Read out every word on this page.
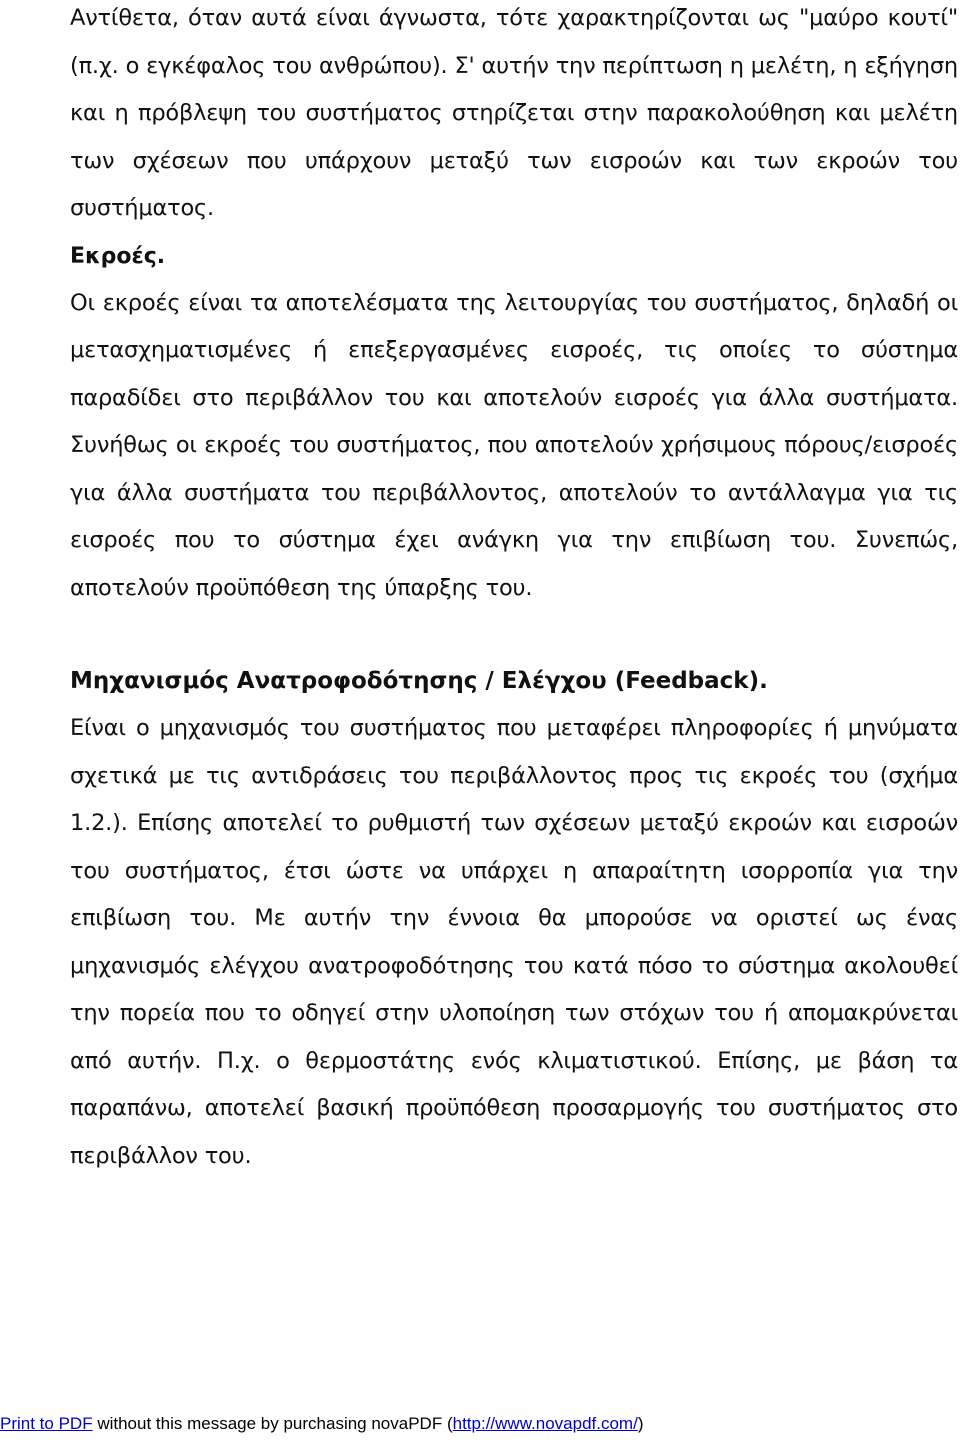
Αντίθετα, όταν αυτά είναι άγνωστα, τότε χαρακτηρίζονται ως "μαύρο κουτί" (π.χ. ο εγκέφαλος του ανθρώπου). Σ' αυτήν την περίπτωση η μελέτη, η εξήγηση και η πρόβλεψη του συστήματος στηρίζεται στην παρακολούθηση και μελέτη των σχέσεων που υπάρχουν μεταξύ των εισροών και των εκροών του συστήματος.

Εκροές.

Οι εκροές είναι τα αποτελέσματα της λειτουργίας του συστήματος, δηλαδή οι μετασχηματισμένες ή επεξεργασμένες εισροές, τις οποίες το σύστημα παραδίδει στο περιβάλλον του και αποτελούν εισροές για άλλα συστήματα. Συνήθως οι εκροές του συστήματος, που αποτελούν χρήσιμους πόρους/εισροές για άλλα συστήματα του περιβάλλοντος, αποτελούν το αντάλλαγμα για τις εισροές που το σύστημα έχει ανάγκη για την επιβίωση του. Συνεπώς, αποτελούν προϋπόθεση της ύπαρξης του.

Μηχανισμός Ανατροφοδότησης / Ελέγχου (Feedback).

Είναι ο μηχανισμός του συστήματος που μεταφέρει πληροφορίες ή μηνύματα σχετικά με τις αντιδράσεις του περιβάλλοντος προς τις εκροές του (σχήμα 1.2.). Επίσης αποτελεί το ρυθμιστή των σχέσεων μεταξύ εκροών και εισροών του συστήματος, έτσι ώστε να υπάρχει η απαραίτητη ισορροπία για την επιβίωση του. Με αυτήν την έννοια θα μπορούσε να οριστεί ως ένας μηχανισμός ελέγχου ανατροφοδότησης του κατά πόσο το σύστημα ακολουθεί την πορεία που το οδηγεί στην υλοποίηση των στόχων του ή απομακρύνεται από αυτήν. Π.χ. ο θερμοστάτης ενός κλιματιστικού. Επίσης, με βάση τα παραπάνω, αποτελεί βασική προϋπόθεση προσαρμογής του συστήματος στο περιβάλλον του.

Print to PDF without this message by purchasing novaPDF (http://www.novapdf.com/)
